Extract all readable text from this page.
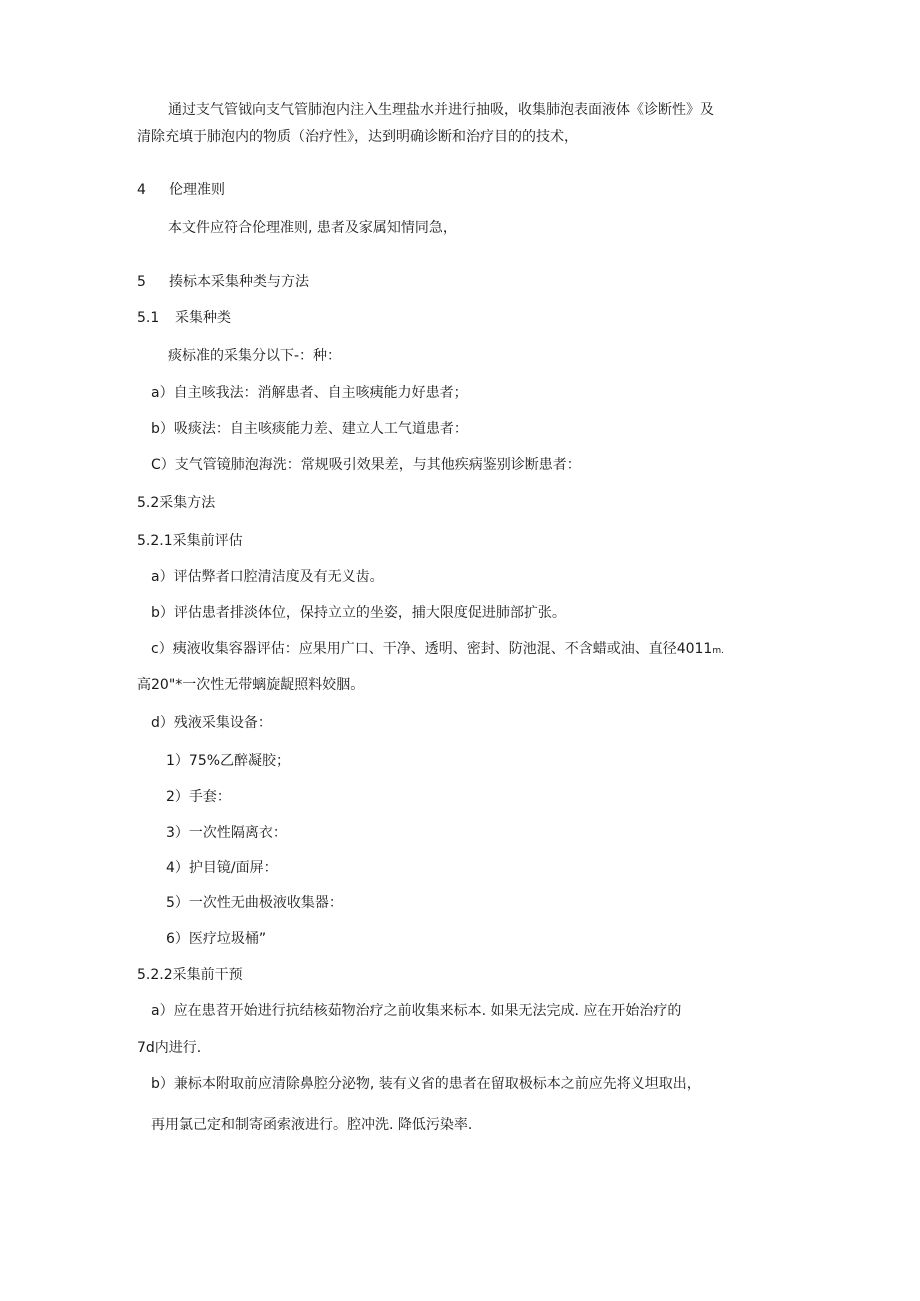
通过支气管钺向支气管肺泡内注入生理盐水并进行抽吸，收集肺泡表面液体《诊断性》及
清除充填于肺泡内的物质（治疗性》，达到明确诊断和治疗目的的技术，
4 伦理准则
本文件应符合伦理准则, 患者及家属知情同急，
5 揍标本采集种类与方法
5.1 采集种类
痰标准的采集分以下-：种：
a）自主咳我法：消解患者、自主咳痍能力好患者；
b）吸痰法：自主咳痰能力差、建立人工气道患者：
C）支气管镜肺泡海洗：常规吸引效果差，与其他疾病鉴别诊断患者：
5.2采集方法
5.2.1采集前评估
a）评估弊者口腔清洁度及有无义齿。
b）评估患者排淡体位，保持立立的坐姿，捕大限度促进肺部扩张。
c）痍液收集容器评估：应果用广口、干净、透明、密封、防池混、不含蜡或油、直径4011m.
高20"*一次性无带螭旋龊照料姣胭。
d）残液采集设备：
1）75%乙醉凝胶；
2）手套：
3）一次性隔离衣：
4）护目镜/面屏：
5）一次性无曲极液收集器：
6）医疗垃圾桶”
5.2.2采集前干预
a）应在患苕开始进行抗结核茹物治疗之前收集来标本. 如果无法完成. 应在开始治疗的
7d内进行.
b）兼标本附取前应清除鼻腔分泌物, 装有义省的患者在留取极标本之前应先将义坦取出，
再用氯己定和制寄函索液进行。腔冲洗. 降低污染率.
